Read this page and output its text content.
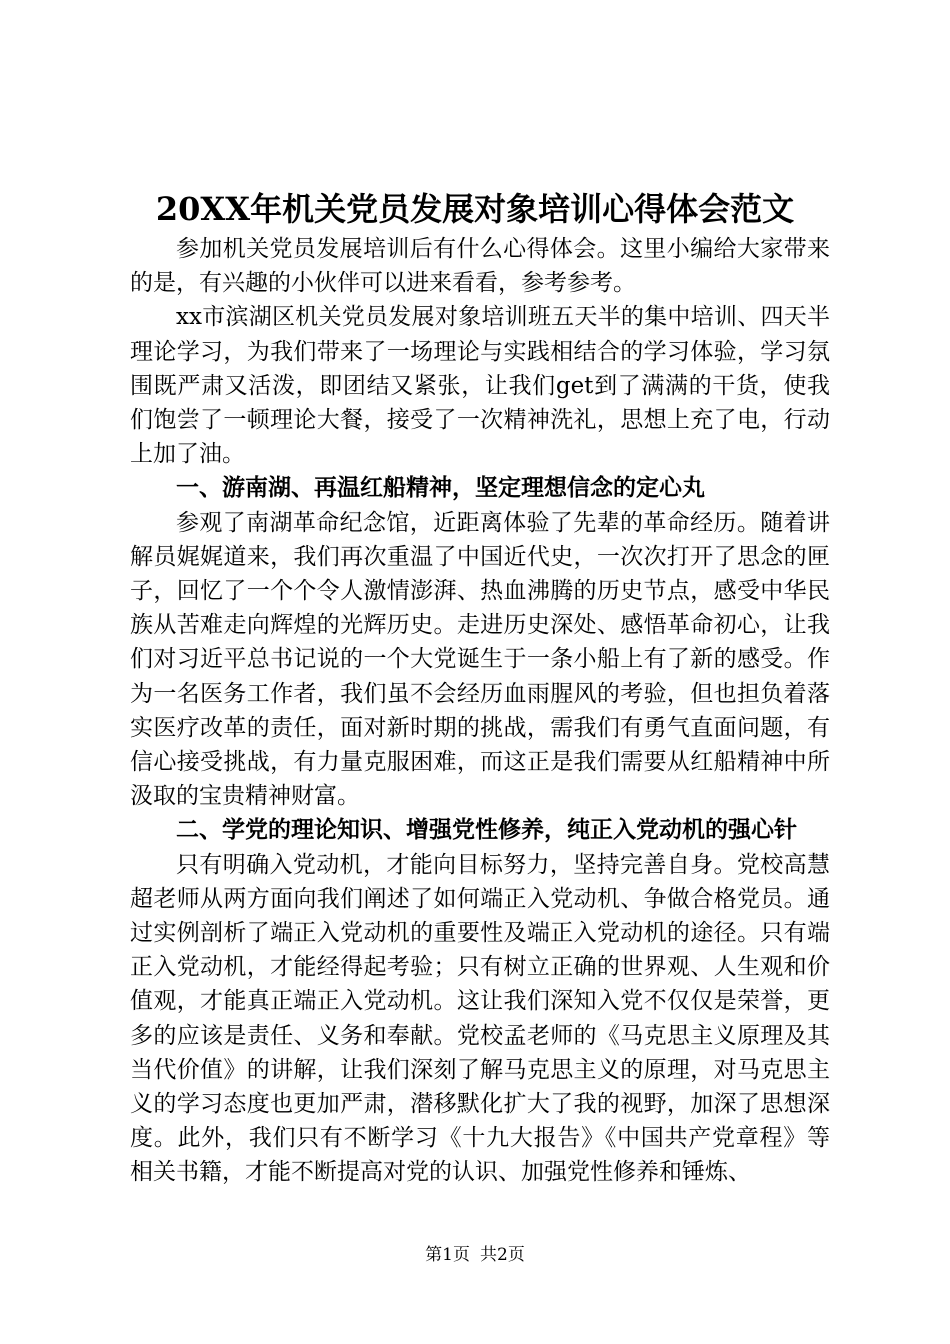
20XX年机关党员发展对象培训心得体会范文

参加机关党员发展培训后有什么心得体会。这里小编给大家带来的是，有兴趣的小伙伴可以进来看看，参考参考。

xx市滨湖区机关党员发展对象培训班五天半的集中培训、四天半理论学习，为我们带来了一场理论与实践相结合的学习体验，学习氛围既严肃又活泼，即团结又紧张，让我们get到了满满的干货，使我们饱尝了一顿理论大餐，接受了一次精神洗礼，思想上充了电，行动上加了油。

一、游南湖、再温红船精神，坚定理想信念的定心丸

参观了南湖革命纪念馆，近距离体验了先辈的革命经历。随着讲解员娓娓道来，我们再次重温了中国近代史，一次次打开了思念的匣子，回忆了一个个令人激情澎湃、热血沸腾的历史节点，感受中华民族从苦难走向辉煌的光辉历史。走进历史深处、感悟革命初心，让我们对习近平总书记说的一个大党诞生于一条小船上有了新的感受。作为一名医务工作者，我们虽不会经历血雨腥风的考验，但也担负着落实医疗改革的责任，面对新时期的挑战，需我们有勇气直面问题，有信心接受挑战，有力量克服困难，而这正是我们需要从红船精神中所汲取的宝贵精神财富。

二、学党的理论知识、增强党性修养，纯正入党动机的强心针

只有明确入党动机，才能向目标努力，坚持完善自身。党校高慧超老师从两方面向我们阐述了如何端正入党动机、争做合格党员。通过实例剖析了端正入党动机的重要性及端正入党动机的途径。只有端正入党动机，才能经得起考验；只有树立正确的世界观、人生观和价值观，才能真正端正入党动机。这让我们深知入党不仅仅是荣誉，更多的应该是责任、义务和奉献。党校孟老师的《马克思主义原理及其当代价值》的讲解，让我们深刻了解马克思主义的原理，对马克思主义的学习态度也更加严肃，潜移默化扩大了我的视野，加深了思想深度。此外，我们只有不断学习《十九大报告》《中国共产党章程》等相关书籍，才能不断提高对党的认识、加强党性修养和锤炼、

第1页 共2页
